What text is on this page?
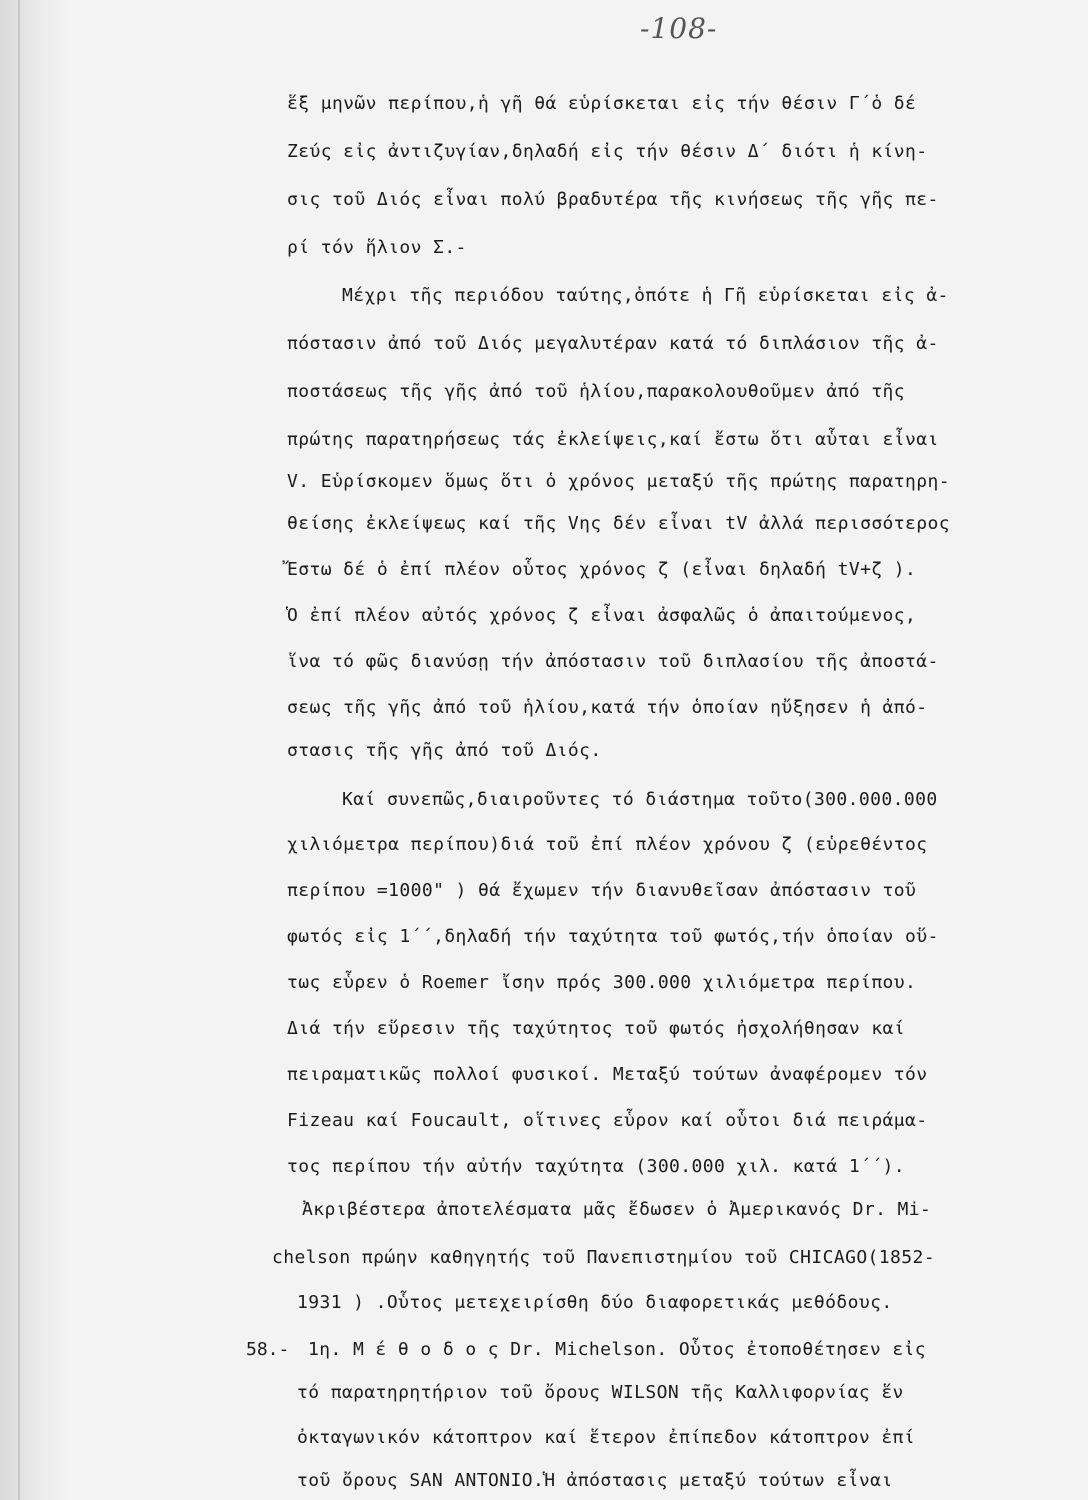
-108-
ἕξ μηνῶν περίπου,ἡ γῆ θά εὑρίσκεται εἰς τήν θέσιν Γ΄ὁ δέ
Ζεύς εἰς ἀντιζυγίαν,δηλαδή εἰς τήν θέσιν Δ΄ διότι ἡ κίνη-
σις τοῦ Διός εἶναι πολύ βραδυτέρα τῆς κινήσεως τῆς γῆς πε-
ρί τόν ἥλιον Σ.-
Μέχρι τῆς περιόδου ταύτης,ὁπότε ἡ Γῆ εὑρίσκεται εἰς ἀ-
πόστασιν ἀπό τοῦ Διός μεγαλυτέραν κατά τό διπλάσιον τῆς ἀ-
ποστάσεως τῆς γῆς ἀπό τοῦ ἡλίου,παρακολουθοῦμεν ἀπό τῆς
πρώτης παρατηρήσεως τάς ἐκλείψεις,καί ἔστω ὅτι αὗται εἶναι
V. Εὑρίσκομεν ὅμως ὅτι ὁ χρόνος μεταξύ τῆς πρώτης παρατηρη-
θείσης ἐκλείψεως καί τῆς Vης δέν εἶναι tV ἀλλά περισσότερος
Ἔστω δέ ὁ ἐπί πλέον οὗτος χρόνος ζ (εἶναι δηλαδή tV+ζ ).
Ὁ ἐπί πλέον αὐτός χρόνος ζ εἶναι ἀσφαλῶς ὁ ἀπαιτούμενος,
ἵνα τό φῶς διανύσῃ τήν ἀπόστασιν τοῦ διπλασίου τῆς ἀποστά-
σεως τῆς γῆς ἀπό τοῦ ἡλίου,κατά τήν ὁποίαν ηὔξησεν ἡ ἀπό-
στασις τῆς γῆς ἀπό τοῦ Διός.
Καί συνεπῶς,διαιροῦντες τό διάστημα τοῦτο(300.000.000
χιλιόμετρα περίπου)διά τοῦ ἐπί πλέον χρόνου ζ (εὑρεθέντος
περίπου =1000" ) θά ἔχωμεν τήν διανυθεῖσαν ἀπόστασιν τοῦ
φωτός εἰς 1΄΄,δηλαδή τήν ταχύτητα τοῦ φωτός,τήν ὁποίαν οὕ-
τως εὗρεν ὁ Roemer ἴσην πρός 300.000 χιλιόμετρα περίπου.
Διά τήν εὕρεσιν τῆς ταχύτητος τοῦ φωτός ἠσχολήθησαν καί
πειραματικῶς πολλοί φυσικοί. Μεταξύ τούτων ἀναφέρομεν τόν
Fizeau καί Foucault, οἵτινες εὗρον καί οὗτοι διά πειράμα-
τος περίπου τήν αὐτήν ταχύτητα (300.000 χιλ. κατά 1΄΄).
Ἀκριβέστερα ἀποτελέσματα μᾶς ἔδωσεν ὁ Ἀμερικανός Dr. Mi-
chelson πρώην καθηγητής τοῦ Πανεπιστημίου τοῦ CHICAGO(1852-
1931 ) .Οὗτος μετεχειρίσθη δύο διαφορετικάς μεθόδους.
58.- 1η. Μ έ θ ο δ ο ς Dr. Michelson. Οὗτος ἐτοποθέτησεν εἰς
τό παρατηρητήριον τοῦ ὄρους WILSON τῆς Καλλιφορνίας ἕν
ὀκταγωνικόν κάτοπτρον καί ἕτερον ἐπίπεδον κάτοπτρον ἐπί
τοῦ ὄρους SAN ANTONIO.Ἡ ἀπόστασις μεταξύ τούτων εἶναι
